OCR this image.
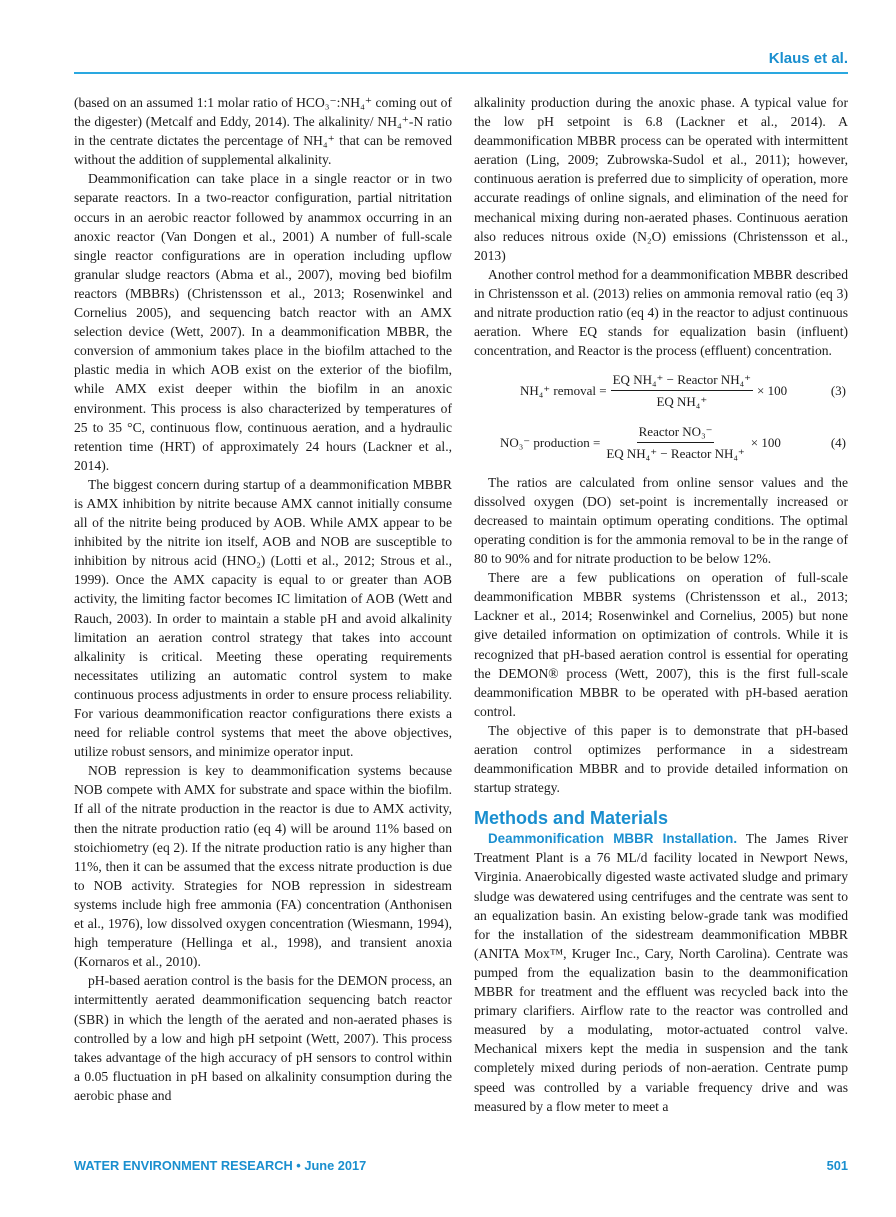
Klaus et al.

(based on an assumed 1:1 molar ratio of HCO₃⁻:NH₄⁺ coming out of the digester) (Metcalf and Eddy, 2014). The alkalinity/ NH₄⁺-N ratio in the centrate dictates the percentage of NH₄⁺ that can be removed without the addition of supplemental alkalinity.

Deammonification can take place in a single reactor or in two separate reactors. In a two-reactor configuration, partial nitritation occurs in an aerobic reactor followed by anammox occurring in an anoxic reactor (Van Dongen et al., 2001) A number of full-scale single reactor configurations are in operation including upflow granular sludge reactors (Abma et al., 2007), moving bed biofilm reactors (MBBRs) (Christensson et al., 2013; Rosenwinkel and Cornelius 2005), and sequencing batch reactor with an AMX selection device (Wett, 2007). In a deammonification MBBR, the conversion of ammonium takes place in the biofilm attached to the plastic media in which AOB exist on the exterior of the biofilm, while AMX exist deeper within the biofilm in an anoxic environment. This process is also characterized by temperatures of 25 to 35 °C, continuous flow, continuous aeration, and a hydraulic retention time (HRT) of approximately 24 hours (Lackner et al., 2014).

The biggest concern during startup of a deammonification MBBR is AMX inhibition by nitrite because AMX cannot initially consume all of the nitrite being produced by AOB. While AMX appear to be inhibited by the nitrite ion itself, AOB and NOB are susceptible to inhibition by nitrous acid (HNO₂) (Lotti et al., 2012; Strous et al., 1999). Once the AMX capacity is equal to or greater than AOB activity, the limiting factor becomes IC limitation of AOB (Wett and Rauch, 2003). In order to maintain a stable pH and avoid alkalinity limitation an aeration control strategy that takes into account alkalinity is critical. Meeting these operating requirements necessitates utilizing an automatic control system to make continuous process adjustments in order to ensure process reliability. For various deammonification reactor configurations there exists a need for reliable control systems that meet the above objectives, utilize robust sensors, and minimize operator input.

NOB repression is key to deammonification systems because NOB compete with AMX for substrate and space within the biofilm. If all of the nitrate production in the reactor is due to AMX activity, then the nitrate production ratio (eq 4) will be around 11% based on stoichiometry (eq 2). If the nitrate production ratio is any higher than 11%, then it can be assumed that the excess nitrate production is due to NOB activity. Strategies for NOB repression in sidestream systems include high free ammonia (FA) concentration (Anthonisen et al., 1976), low dissolved oxygen concentration (Wiesmann, 1994), high temperature (Hellinga et al., 1998), and transient anoxia (Kornaros et al., 2010).

pH-based aeration control is the basis for the DEMON process, an intermittently aerated deammonification sequencing batch reactor (SBR) in which the length of the aerated and non-aerated phases is controlled by a low and high pH setpoint (Wett, 2007). This process takes advantage of the high accuracy of pH sensors to control within a 0.05 fluctuation in pH based on alkalinity consumption during the aerobic phase and

alkalinity production during the anoxic phase. A typical value for the low pH setpoint is 6.8 (Lackner et al., 2014). A deammonification MBBR process can be operated with intermittent aeration (Ling, 2009; Zubrowska-Sudol et al., 2011); however, continuous aeration is preferred due to simplicity of operation, more accurate readings of online signals, and elimination of the need for mechanical mixing during non-aerated phases. Continuous aeration also reduces nitrous oxide (N₂O) emissions (Christensson et al., 2013)

Another control method for a deammonification MBBR described in Christensson et al. (2013) relies on ammonia removal ratio (eq 3) and nitrate production ratio (eq 4) in the reactor to adjust continuous aeration. Where EQ stands for equalization basin (influent) concentration, and Reactor is the process (effluent) concentration.

NH₄⁺ removal = $\frac{\text{EQ NH₄⁺ − Reactor NH₄⁺}}{\text{EQ NH₄⁺}} \times 100$	(3)
NO₃⁻ production = $\frac{\text{Reactor NO₃⁻}}{\text{EQ NH₄⁺ − Reactor NH₄⁺}} \times 100$	(4)

The ratios are calculated from online sensor values and the dissolved oxygen (DO) set-point is incrementally increased or decreased to maintain optimum operating conditions. The optimal operating condition is for the ammonia removal to be in the range of 80 to 90% and for nitrate production to be below 12%.

There are a few publications on operation of full-scale deammonification MBBR systems (Christensson et al., 2013; Lackner et al., 2014; Rosenwinkel and Cornelius, 2005) but none give detailed information on optimization of controls. While it is recognized that pH-based aeration control is essential for operating the DEMON® process (Wett, 2007), this is the first full-scale deammonification MBBR to be operated with pH-based aeration control.

The objective of this paper is to demonstrate that pH-based aeration control optimizes performance in a sidestream deammonification MBBR and to provide detailed information on startup strategy.

Methods and Materials

Deammonification MBBR Installation. The James River Treatment Plant is a 76 ML/d facility located in Newport News, Virginia. Anaerobically digested waste activated sludge and primary sludge was dewatered using centrifuges and the centrate was sent to an equalization basin. An existing below-grade tank was modified for the installation of the sidestream deammonification MBBR (ANITA Mox™, Kruger Inc., Cary, North Carolina). Centrate was pumped from the equalization basin to the deammonification MBBR for treatment and the effluent was recycled back into the primary clarifiers. Airflow rate to the reactor was controlled and measured by a modulating, motor-actuated control valve. Mechanical mixers kept the media in suspension and the tank completely mixed during periods of non-aeration. Centrate pump speed was controlled by a variable frequency drive and was measured by a flow meter to meet a

WATER ENVIRONMENT RESEARCH • June 2017	501
